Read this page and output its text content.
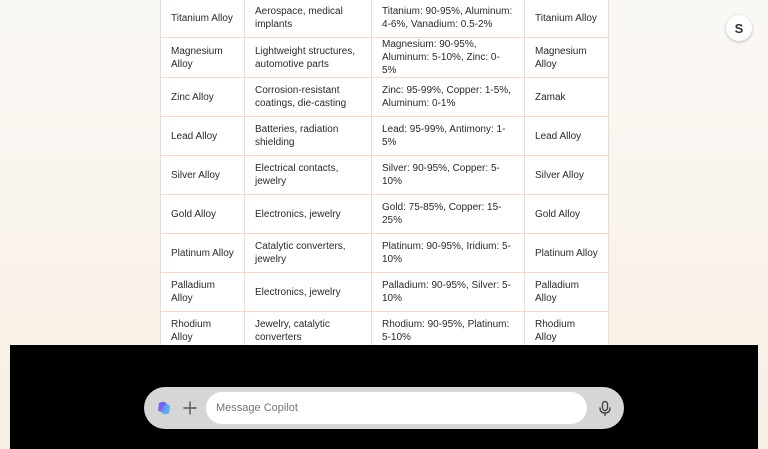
Titanium Alloy	Aerospace, medical implants	Titanium: 90-95%, Aluminum: 4-6%, Vanadium: 0.5-2%	Titanium Alloy
Magnesium Alloy	Lightweight structures, automotive parts	Magnesium: 90-95%, Aluminum: 5-10%, Zinc: 0-5%	Magnesium Alloy
Zinc Alloy	Corrosion-resistant coatings, die-casting	Zinc: 95-99%, Copper: 1-5%, Aluminum: 0-1%	Zamak
Lead Alloy	Batteries, radiation shielding	Lead: 95-99%, Antimony: 1-5%	Lead Alloy
Silver Alloy	Electrical contacts, jewelry	Silver: 90-95%, Copper: 5-10%	Silver Alloy
Gold Alloy	Electronics, jewelry	Gold: 75-85%, Copper: 15-25%	Gold Alloy
Platinum Alloy	Catalytic converters, jewelry	Platinum: 90-95%, Iridium: 5-10%	Platinum Alloy
Palladium Alloy	Electronics, jewelry	Palladium: 90-95%, Silver: 5-10%	Palladium Alloy
Rhodium Alloy	Jewelry, catalytic converters	Rhodium: 90-95%, Platinum: 5-10%	Rhodium Alloy
S
Message Copilot
